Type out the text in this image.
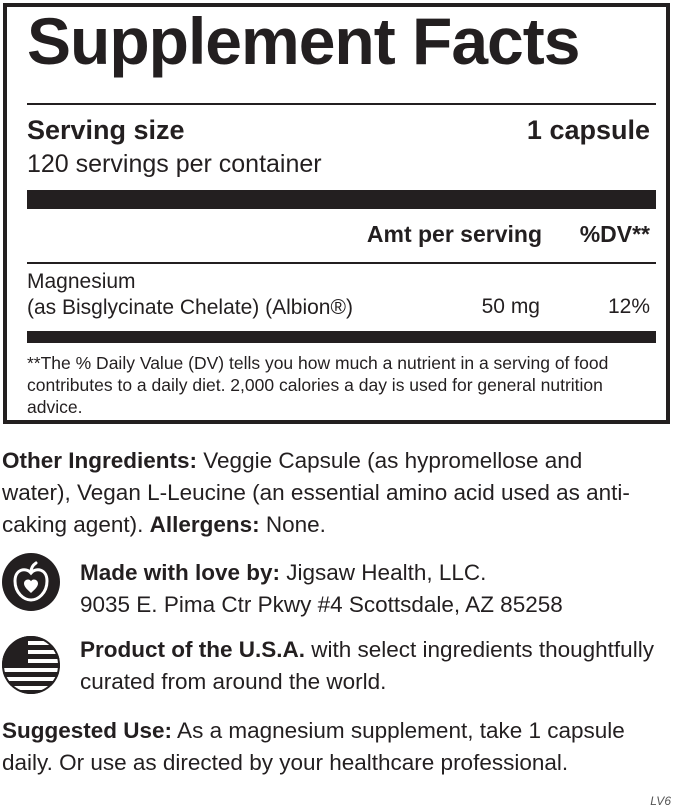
Supplement Facts
Serving size	1 capsule
120 servings per container
Amt per serving %DV**
Magnesium
(as Bisglycinate Chelate) (Albion®)	50 mg	12%
**The % Daily Value (DV) tells you how much a nutrient in a serving of food contributes to a daily diet. 2,000 calories a day is used for general nutrition advice.
Other Ingredients: Veggie Capsule (as hypromellose and water), Vegan L-Leucine (an essential amino acid used as anti-caking agent). Allergens: None.
Made with love by: Jigsaw Health, LLC.
9035 E. Pima Ctr Pkwy #4 Scottsdale, AZ 85258
Product of the U.S.A. with select ingredients thoughtfully curated from around the world.
Suggested Use: As a magnesium supplement, take 1 capsule daily. Or use as directed by your healthcare professional.
LV6
